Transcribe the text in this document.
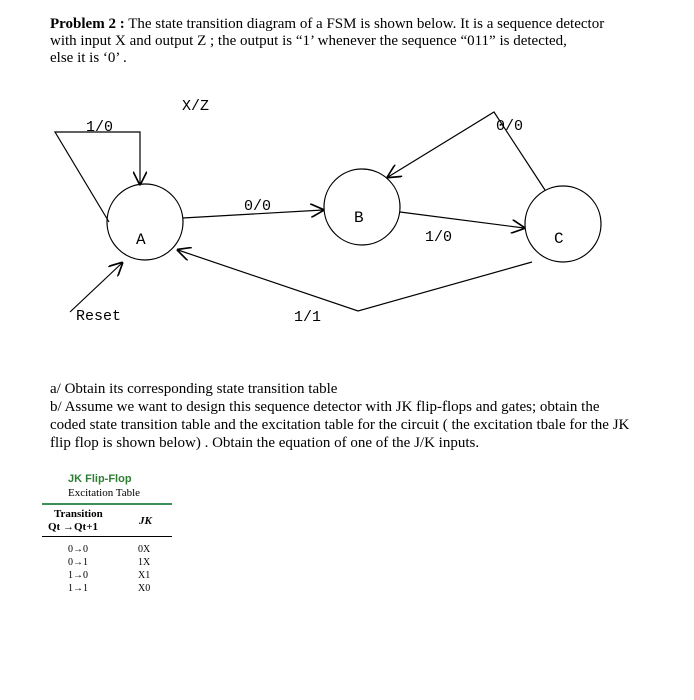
Problem 2 : The state transition diagram of a FSM is shown below. It is a sequence detector
with input X and output Z ; the output is “1’ whenever the sequence “011” is detected,
else it is ‘0’ .
X/Z
A
B
C
1/0
0/0
1/0
0/0
1/1
Reset
a/ Obtain its corresponding state transition table
b/ Assume we want to design this sequence detector with JK flip-flops and gates; obtain the
coded state transition table and the excitation table for the circuit ( the excitation tbale for the JK
flip flop is shown below) . Obtain the equation of one of the J/K inputs.
JK Flip-Flop
Excitation Table
Transition
Qt →Qt+1	JK
0→0	0X
0→1	1X
1→0	X1
1→1	X0
